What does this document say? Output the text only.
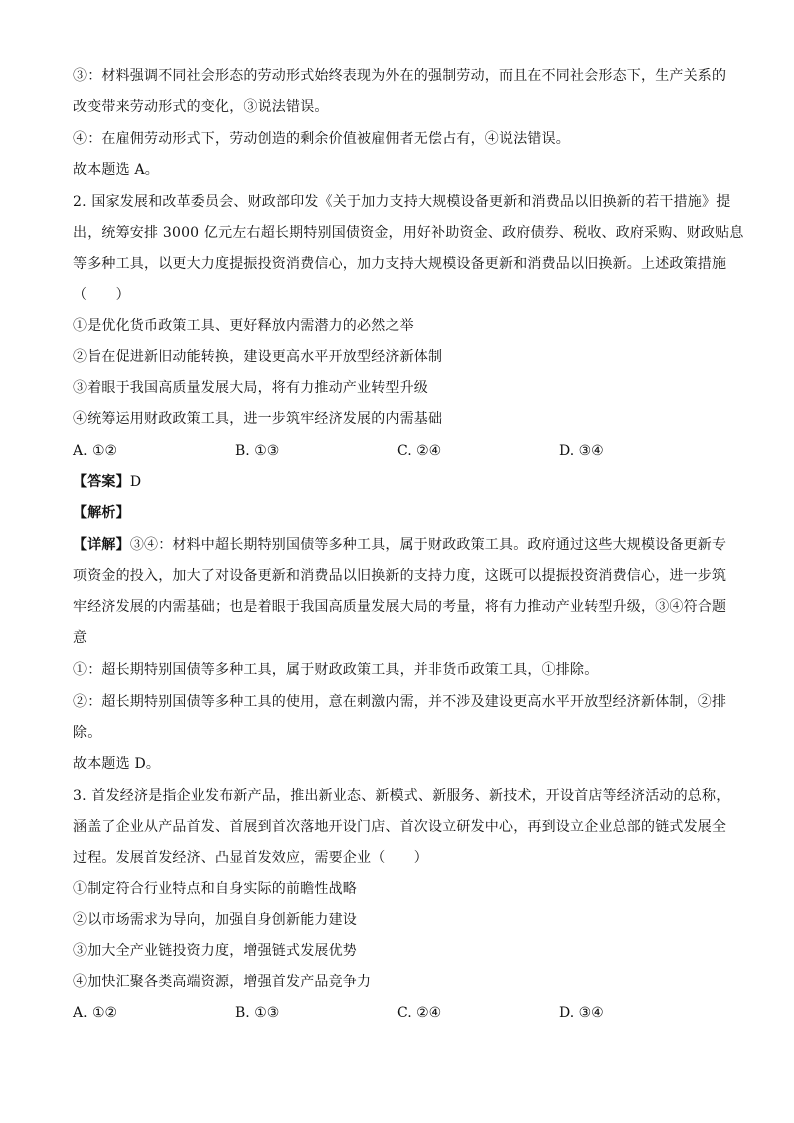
③：材料强调不同社会形态的劳动形式始终表现为外在的强制劳动，而且在不同社会形态下，生产关系的
改变带来劳动形式的变化，③说法错误。
④：在雇佣劳动形式下，劳动创造的剩余价值被雇佣者无偿占有，④说法错误。
故本题选 A。
2. 国家发展和改革委员会、财政部印发《关于加力支持大规模设备更新和消费品以旧换新的若干措施》提
出，统筹安排 3000 亿元左右超长期特别国债资金，用好补助资金、政府债券、税收、政府采购、财政贴息
等多种工具，以更大力度提振投资消费信心，加力支持大规模设备更新和消费品以旧换新。上述政策措施
（　　）
①是优化货币政策工具、更好释放内需潜力的必然之举
②旨在促进新旧动能转换，建设更高水平开放型经济新体制
③着眼于我国高质量发展大局，将有力推动产业转型升级
④统筹运用财政政策工具，进一步筑牢经济发展的内需基础
A. ①②	B. ①③	C. ②④	D. ③④
【答案】D
【解析】
【详解】③④：材料中超长期特别国债等多种工具，属于财政政策工具。政府通过这些大规模设备更新专
项资金的投入，加大了对设备更新和消费品以旧换新的支持力度，这既可以提振投资消费信心，进一步筑
牢经济发展的内需基础；也是着眼于我国高质量发展大局的考量，将有力推动产业转型升级，③④符合题
意
①：超长期特别国债等多种工具，属于财政政策工具，并非货币政策工具，①排除。
②：超长期特别国债等多种工具的使用，意在刺激内需，并不涉及建设更高水平开放型经济新体制，②排
除。
故本题选 D。
3. 首发经济是指企业发布新产品，推出新业态、新模式、新服务、新技术，开设首店等经济活动的总称，
涵盖了企业从产品首发、首展到首次落地开设门店、首次设立研发中心，再到设立企业总部的链式发展全
过程。发展首发经济、凸显首发效应，需要企业（　　）
①制定符合行业特点和自身实际的前瞻性战略
②以市场需求为导向，加强自身创新能力建设
③加大全产业链投资力度，增强链式发展优势
④加快汇聚各类高端资源，增强首发产品竞争力
A. ①②	B. ①③	C. ②④	D. ③④
